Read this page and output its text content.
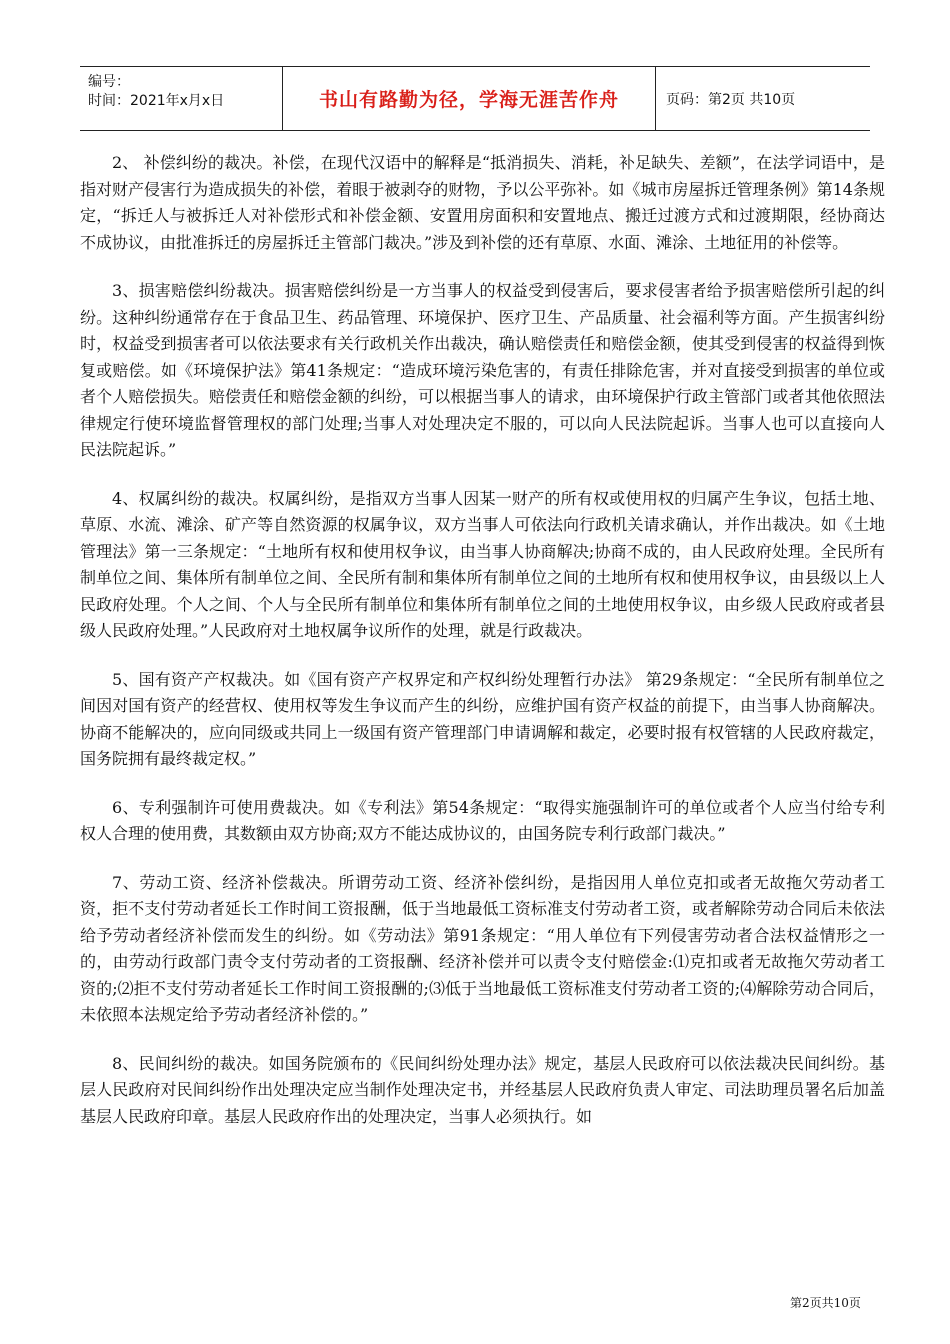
编号：
时间：2021年x月x日	书山有路勤为径，学海无涯苦作舟	页码：第2页 共10页

2、 补偿纠纷的裁决。补偿，在现代汉语中的解释是“抵消损失、消耗，补足缺失、差额”，在法学词语中，是指对财产侵害行为造成损失的补偿，着眼于被剥夺的财物，予以公平弥补。如《城市房屋拆迁管理条例》第14条规定，“拆迁人与被拆迁人对补偿形式和补偿金额、安置用房面积和安置地点、搬迁过渡方式和过渡期限，经协商达不成协议，由批准拆迁的房屋拆迁主管部门裁决。”涉及到补偿的还有草原、水面、滩涂、土地征用的补偿等。

3、损害赔偿纠纷裁决。损害赔偿纠纷是一方当事人的权益受到侵害后，要求侵害者给予损害赔偿所引起的纠纷。这种纠纷通常存在于食品卫生、药品管理、环境保护、医疗卫生、产品质量、社会福利等方面。产生损害纠纷时，权益受到损害者可以依法要求有关行政机关作出裁决，确认赔偿责任和赔偿金额，使其受到侵害的权益得到恢复或赔偿。如《环境保护法》第41条规定：“造成环境污染危害的，有责任排除危害，并对直接受到损害的单位或者个人赔偿损失。赔偿责任和赔偿金额的纠纷，可以根据当事人的请求，由环境保护行政主管部门或者其他依照法律规定行使环境监督管理权的部门处理;当事人对处理决定不服的，可以向人民法院起诉。当事人也可以直接向人民法院起诉。”

4、权属纠纷的裁决。权属纠纷，是指双方当事人因某一财产的所有权或使用权的归属产生争议，包括土地、草原、水流、滩涂、矿产等自然资源的权属争议，双方当事人可依法向行政机关请求确认，并作出裁决。如《土地管理法》第一三条规定：“土地所有权和使用权争议，由当事人协商解决;协商不成的，由人民政府处理。全民所有制单位之间、集体所有制单位之间、全民所有制和集体所有制单位之间的土地所有权和使用权争议，由县级以上人民政府处理。个人之间、个人与全民所有制单位和集体所有制单位之间的土地使用权争议，由乡级人民政府或者县级人民政府处理。”人民政府对土地权属争议所作的处理，就是行政裁决。

5、国有资产产权裁决。如《国有资产产权界定和产权纠纷处理暂行办法》 第29条规定：“全民所有制单位之间因对国有资产的经营权、使用权等发生争议而产生的纠纷，应维护国有资产权益的前提下，由当事人协商解决。协商不能解决的，应向同级或共同上一级国有资产管理部门申请调解和裁定，必要时报有权管辖的人民政府裁定，国务院拥有最终裁定权。”

6、专利强制许可使用费裁决。如《专利法》第54条规定：“取得实施强制许可的单位或者个人应当付给专利权人合理的使用费，其数额由双方协商;双方不能达成协议的，由国务院专利行政部门裁决。”

7、劳动工资、经济补偿裁决。所谓劳动工资、经济补偿纠纷，是指因用人单位克扣或者无故拖欠劳动者工资，拒不支付劳动者延长工作时间工资报酬，低于当地最低工资标准支付劳动者工资，或者解除劳动合同后未依法给予劳动者经济补偿而发生的纠纷。如《劳动法》第91条规定：“用人单位有下列侵害劳动者合法权益情形之一的，由劳动行政部门责令支付劳动者的工资报酬、经济补偿并可以责令支付赔偿金:⑴克扣或者无故拖欠劳动者工资的;⑵拒不支付劳动者延长工作时间工资报酬的;⑶低于当地最低工资标准支付劳动者工资的;⑷解除劳动合同后，未依照本法规定给予劳动者经济补偿的。”

8、民间纠纷的裁决。如国务院颁布的《民间纠纷处理办法》规定，基层人民政府可以依法裁决民间纠纷。基层人民政府对民间纠纷作出处理决定应当制作处理决定书，并经基层人民政府负责人审定、司法助理员署名后加盖基层人民政府印章。基层人民政府作出的处理决定，当事人必须执行。如

第2页共10页
